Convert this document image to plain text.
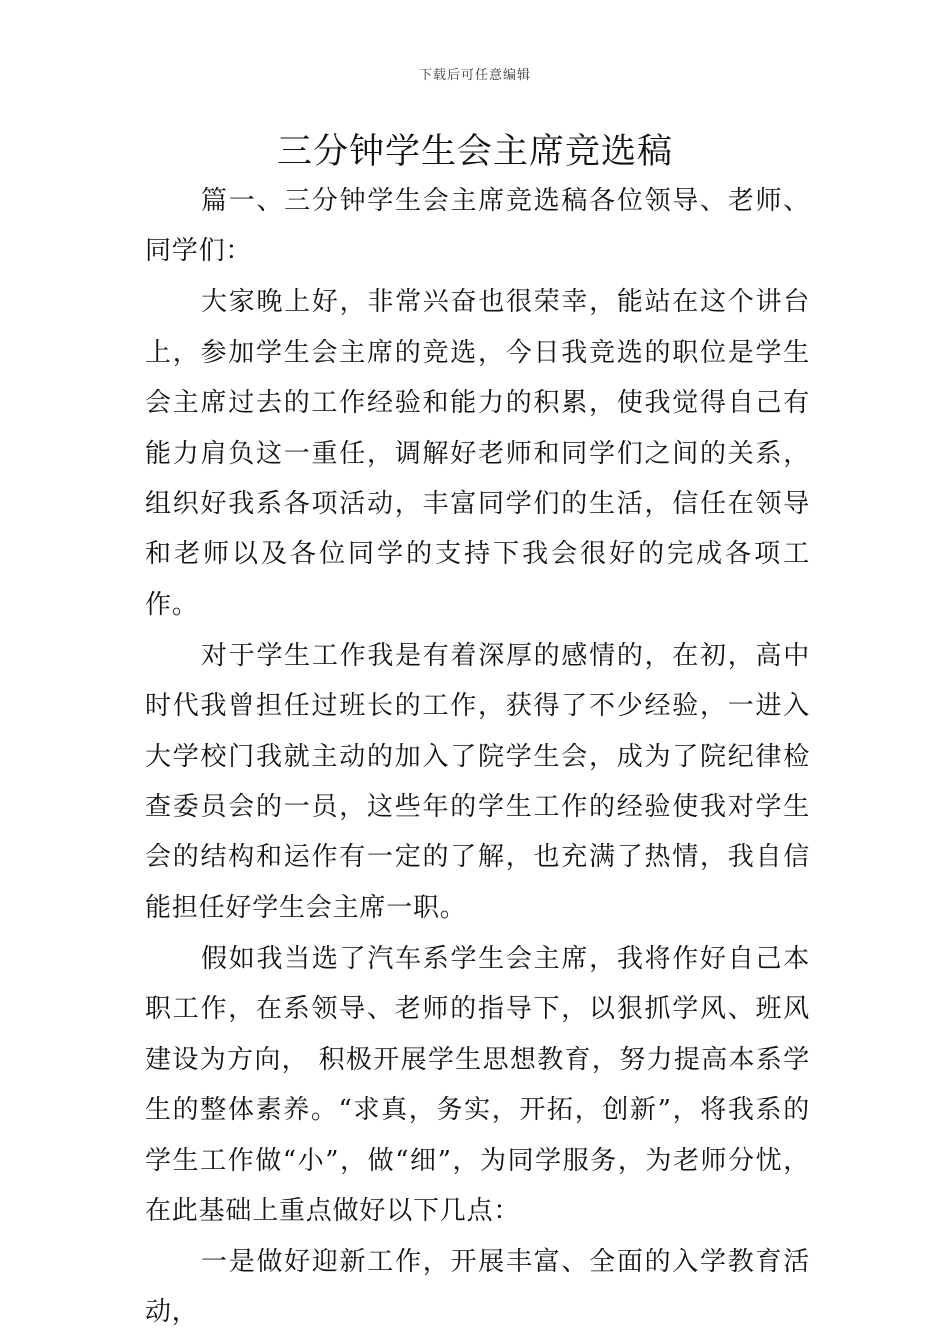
下载后可任意编辑
三分钟学生会主席竞选稿

篇一、三分钟学生会主席竞选稿各位领导、老师、同学们：

大家晚上好，非常兴奋也很荣幸，能站在这个讲台上，参加学生会主席的竞选，今日我竞选的职位是学生会主席过去的工作经验和能力的积累，使我觉得自己有能力肩负这一重任，调解好老师和同学们之间的关系，组织好我系各项活动，丰富同学们的生活，信任在领导和老师以及各位同学的支持下我会很好的完成各项工作。

对于学生工作我是有着深厚的感情的，在初，高中时代我曾担任过班长的工作，获得了不少经验，一进入大学校门我就主动的加入了院学生会，成为了院纪律检查委员会的一员，这些年的学生工作的经验使我对学生会的结构和运作有一定的了解，也充满了热情，我自信能担任好学生会主席一职。

假如我当选了汽车系学生会主席，我将作好自己本职工作，在系领导、老师的指导下，以狠抓学风、班风建设为方向， 积极开展学生思想教育，努力提高本系学生的整体素养。“求真，务实，开拓，创新”，将我系的学生工作做“小”，做“细”，为同学服务，为老师分忧，在此基础上重点做好以下几点：

一是做好迎新工作，开展丰富、全面的入学教育活动，
